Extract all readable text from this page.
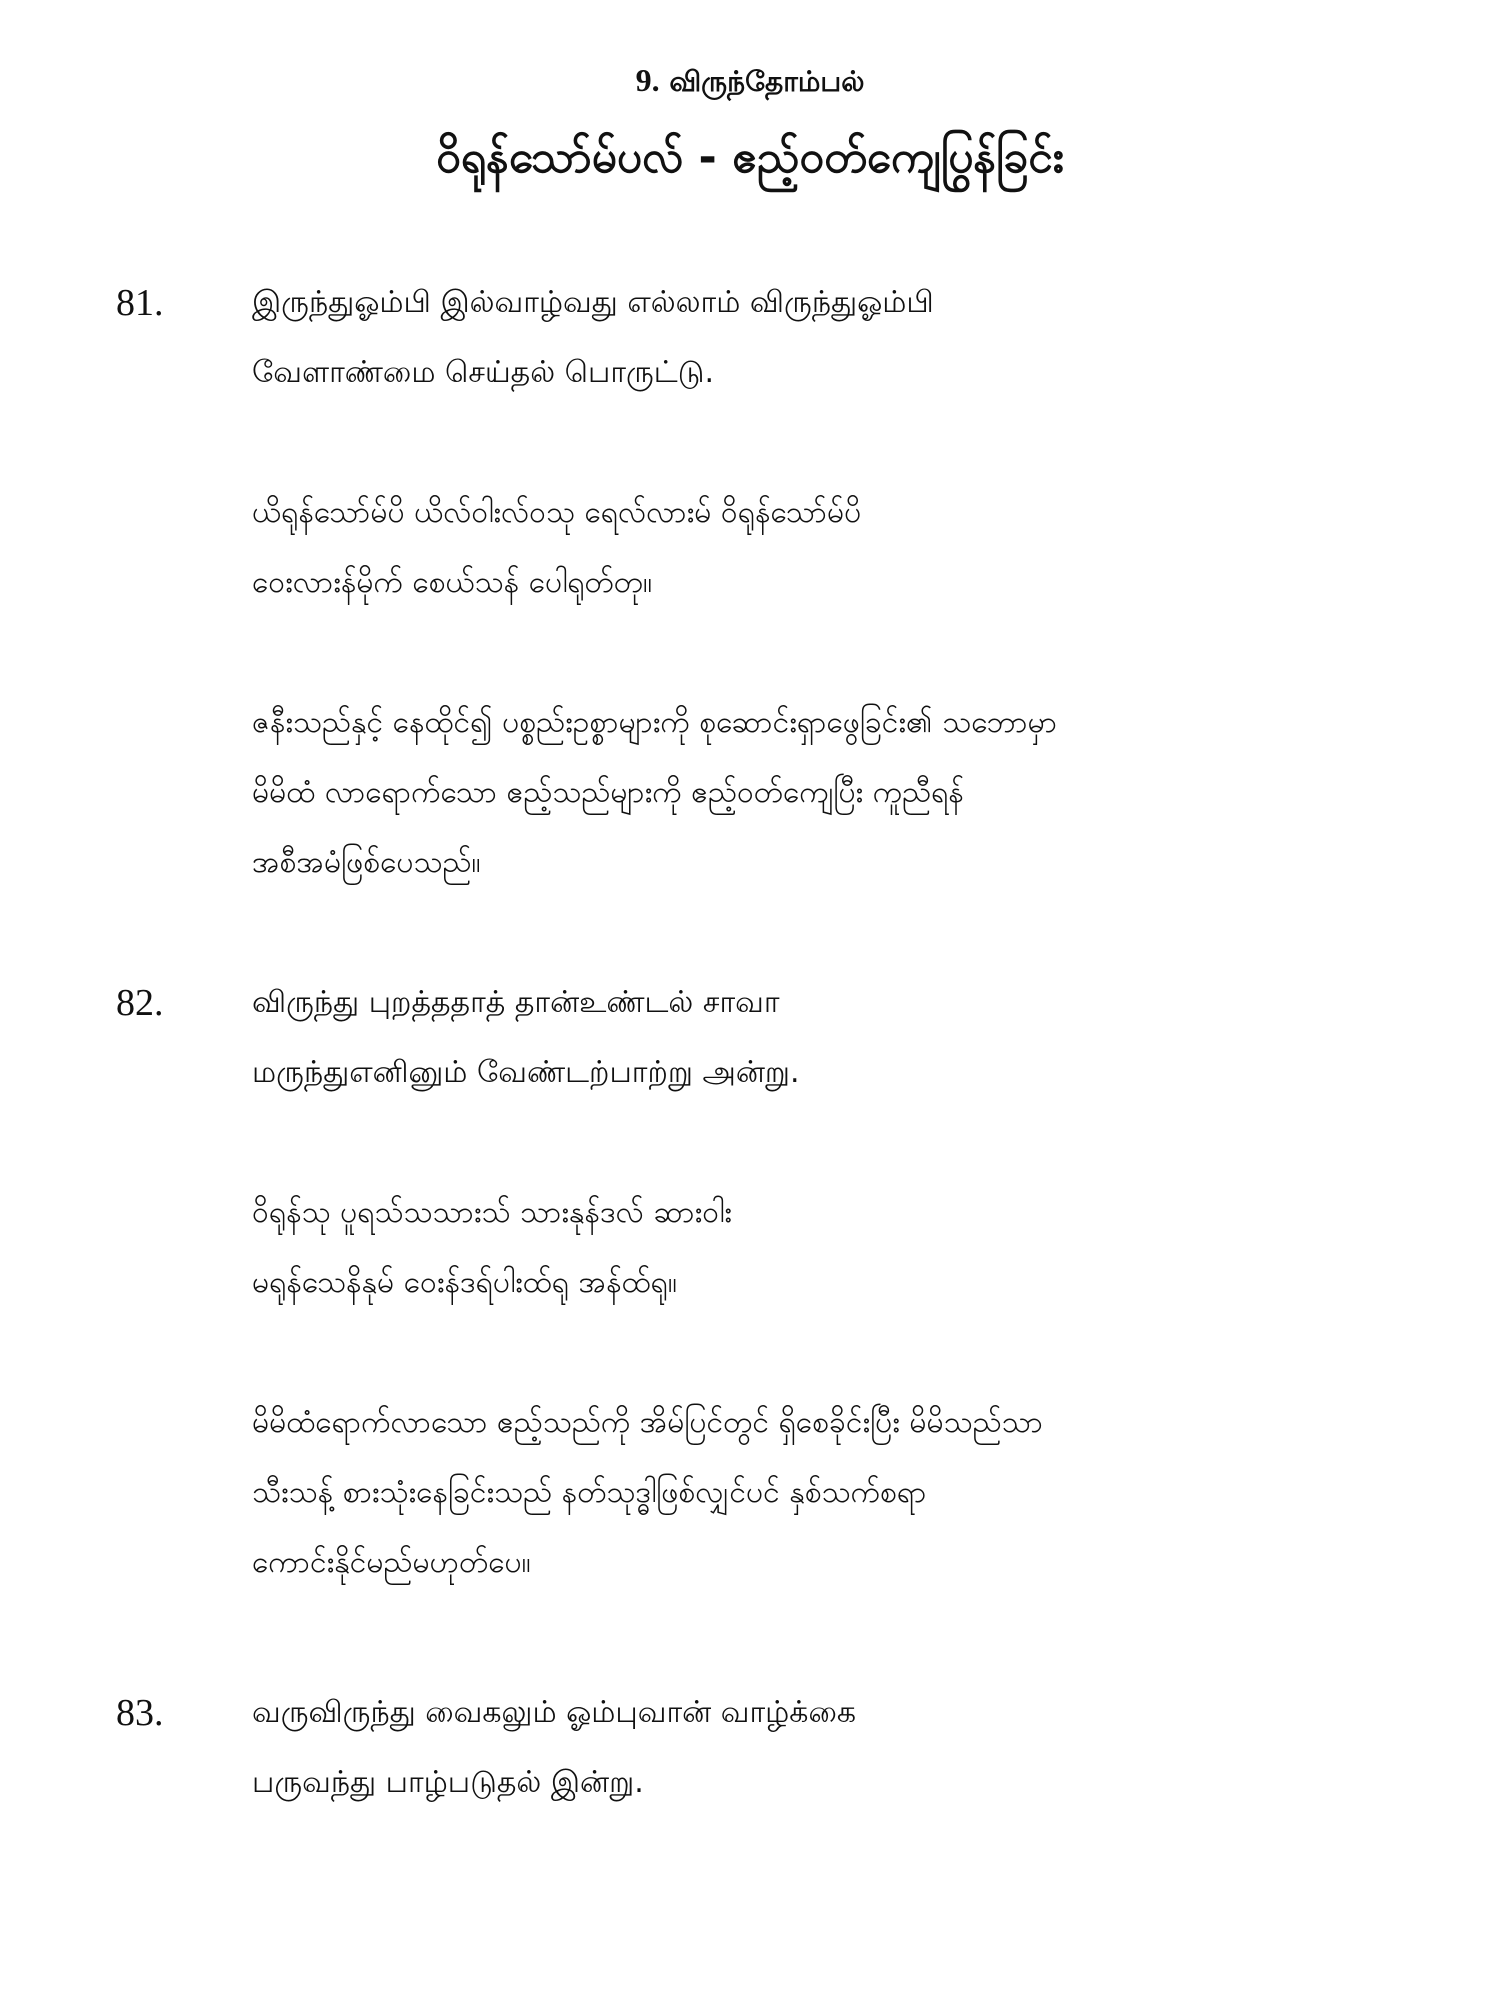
9. விருந்தோம்பல்
ဝိရုန်သော်မ်ပလ် - ဧည့်ဝတ်ကျေပြွန်ခြင်း
81.	இருந்துஓம்பி இல்வாழ்வது எல்லாம் விருந்துஓம்பி
வேளாண்மை செய்தல் பொருட்டு.
ယိရုန်သော်မ်ပိ ယိလ်ဝါးလ်ဝသု ရေလ်လားမ် ဝိရုန်သော်မ်ပိ
ဝေးလားန်မိုက် စေယ်သန် ပေါရုတ်တု။
ဇနီးသည်နှင့် နေထိုင်၍ ပစ္စည်းဥစ္စာများကို စုဆောင်းရှာဖွေခြင်း၏ သဘောမှာ
မိမိထံ လာရောက်သော ဧည့်သည်များကို ဧည့်ဝတ်ကျေပြီး ကူညီရန်
အစီအမံဖြစ်ပေသည်။
82.	விருந்து புறத்ததாத் தான்உண்டல் சாவா
மருந்துஎனினும் வேண்டற்பாற்று அன்று.
ဝိရုန်သု ပူရသ်သသားသ် သားနုန်ဒလ် ဆားဝါး
မရုန်သေနိနုမ် ဝေးန်ဒရ်ပါးထ်ရု အန်ထ်ရု။
မိမိထံရောက်လာသော ဧည့်သည်ကို အိမ်ပြင်တွင် ရှိစေခိုင်းပြီး မိမိသည်သာ
သီးသန့် စားသုံးနေခြင်းသည် နတ်သုဒ္ဓါဖြစ်လျှင်ပင် နှစ်သက်စရာ
ကောင်းနိုင်မည်မဟုတ်ပေ။
83.	வருவிருந்து வைகலும் ஓம்புவான் வாழ்க்கை
பருவந்து பாழ்படுதல் இன்று.
